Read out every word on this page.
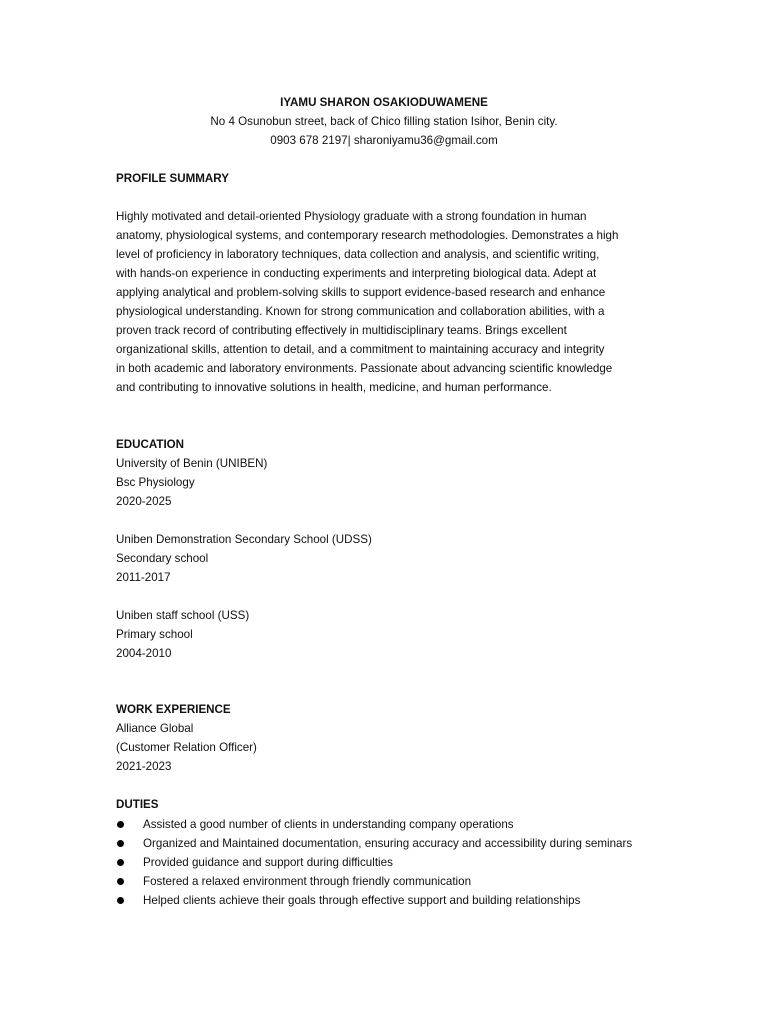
IYAMU SHARON OSAKIODUWAMENE
No 4 Osunobun street, back of Chico filling station Isihor, Benin city.
0903 678 2197| sharoniyamu36@gmail.com
PROFILE SUMMARY
Highly motivated and detail-oriented Physiology graduate with a strong foundation in human
anatomy, physiological systems, and contemporary research methodologies. Demonstrates a high
level of proficiency in laboratory techniques, data collection and analysis, and scientific writing,
with hands-on experience in conducting experiments and interpreting biological data. Adept at
applying analytical and problem-solving skills to support evidence-based research and enhance
physiological understanding. Known for strong communication and collaboration abilities, with a
proven track record of contributing effectively in multidisciplinary teams. Brings excellent
organizational skills, attention to detail, and a commitment to maintaining accuracy and integrity
in both academic and laboratory environments. Passionate about advancing scientific knowledge
and contributing to innovative solutions in health, medicine, and human performance.
EDUCATION
University of Benin (UNIBEN)
Bsc Physiology
2020-2025
Uniben Demonstration Secondary School (UDSS)
Secondary school
2011-2017
Uniben staff school (USS)
Primary school
2004-2010
WORK EXPERIENCE
Alliance Global
(Customer Relation Officer)
2021-2023
DUTIES
Assisted a good number of clients in understanding company operations
Organized and Maintained documentation, ensuring accuracy and accessibility during seminars
Provided guidance and support during difficulties
Fostered a relaxed environment through friendly communication
Helped clients achieve their goals through effective support and building relationships
